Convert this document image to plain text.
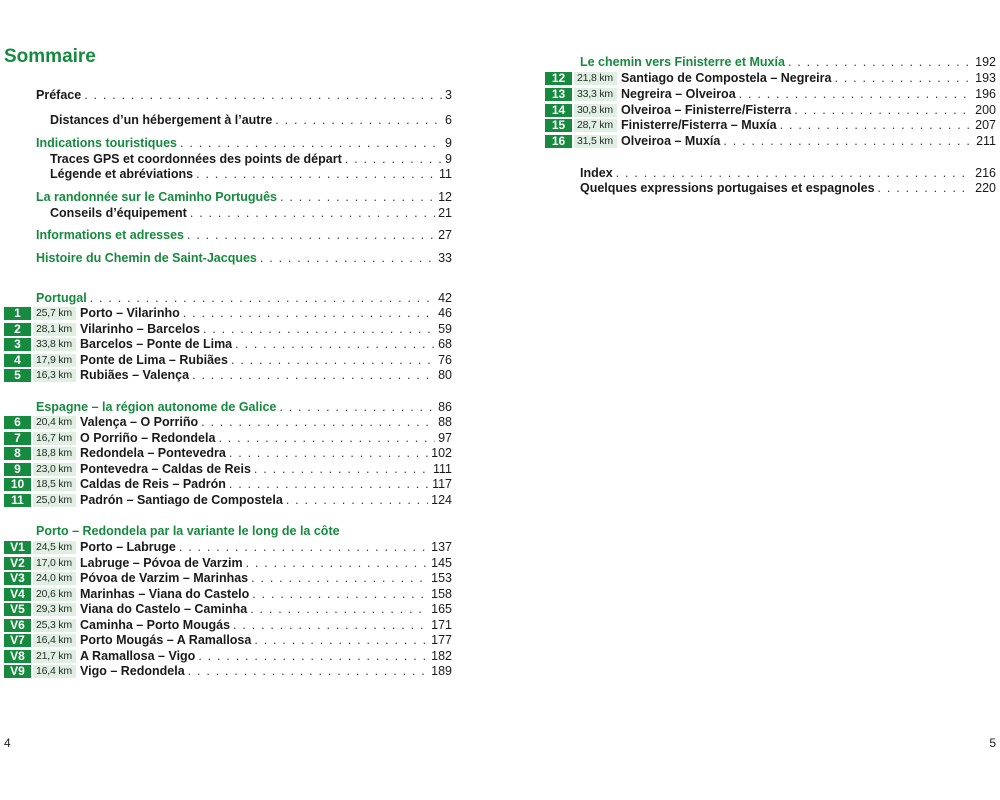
Sommaire
Préface . . .	3
Distances d’un hébergement à l’autre . . .	6
Indications touristiques . . .	9
Traces GPS et coordonnées des points de départ . . .	9
Légende et abréviations . . .	11
La randonnée sur le Caminho Português . . .	12
Conseils d’équipement . . .	21
Informations et adresses . . .	27
Histoire du Chemin de Saint-Jacques . . .	33
Portugal . . .	42
1	25,7 km Porto – Vilarinho . . .	46
2	28,1 km Vilarinho – Barcelos . . .	59
3	33,8 km Barcelos – Ponte de Lima . . .	68
4	17,9 km Ponte de Lima – Rubiães . . .	76
5	16,3 km Rubiães – Valença . . .	80
Espagne – la région autonome de Galice . . .	86
6	20,4 km Valença – O Porriño . . .	88
7	16,7 km O Porriño – Redondela . . .	97
8	18,8 km Redondela – Pontevedra . . .	102
9	23,0 km Pontevedra – Caldas de Reis . . .	111
10	18,5 km Caldas de Reis – Padrón . . .	117
11	25,0 km Padrón – Santiago de Compostela . . .	124
Porto – Redondela par la variante le long de la côte
V1	24,5 km Porto – Labruge . . .	137
V2	17,0 km Labruge – Póvoa de Varzim . . .	145
V3	24,0 km Póvoa de Varzim – Marinhas . . .	153
V4	20,6 km Marinhas – Viana do Castelo . . .	158
V5	29,3 km Viana do Castelo – Caminha . . .	165
V6	25,3 km Caminha – Porto Mougás . . .	171
V7	16,4 km Porto Mougás – A Ramallosa . . .	177
V8	21,7 km A Ramallosa – Vigo . . .	182
V9	16,4 km Vigo – Redondela . . .	189
Le chemin vers Finisterre et Muxía . . .	192
12	21,8 km Santiago de Compostela – Negreira . . .	193
13	33,3 km Negreira – Olveiroa . . .	196
14	30,8 km Olveiroa – Finisterre/Fisterra . . .	200
15	28,7 km Finisterre/Fisterra – Muxía . . .	207
16	31,5 km Olveiroa – Muxía . . .	211
Index . . .	216
Quelques expressions portugaises et espagnoles . . .	220
4	5
